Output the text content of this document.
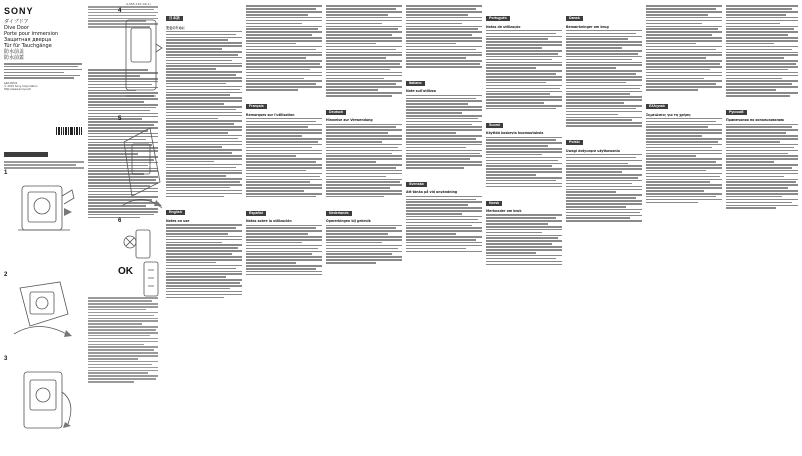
SONY
ダイブドア
Dive Door
Porte pour immersion
Защитная дверца
Tür für Tauchgänge
防水前盖
防水前蓋
AKA-DDX1
© 2015 Sony Corporation
http://www.sony.net/
1
2
3
4
5
6
OK
日本語
安全のために
English
Notes on use
Français
Remarques sur l'utilisation
Español
Notas sobre la utilización
Deutsch
Hinweise zur Verwendung
Nederlands
Opmerkingen bij gebruik
Italiano
Note sull'utilizzo
Svenska
Att tänka på vid användning
Português
Notas de utilização
Suomi
Käyttöä koskevia huomautuksia
Norsk
Merknader om bruk
Dansk
Bemærkninger om brug
Polski
Uwagi dotyczące użytkowania
Ελληνικά
Σημειώσεις για τη χρήση
Русский
Примечания по использованию
4-565-167-01(1)
